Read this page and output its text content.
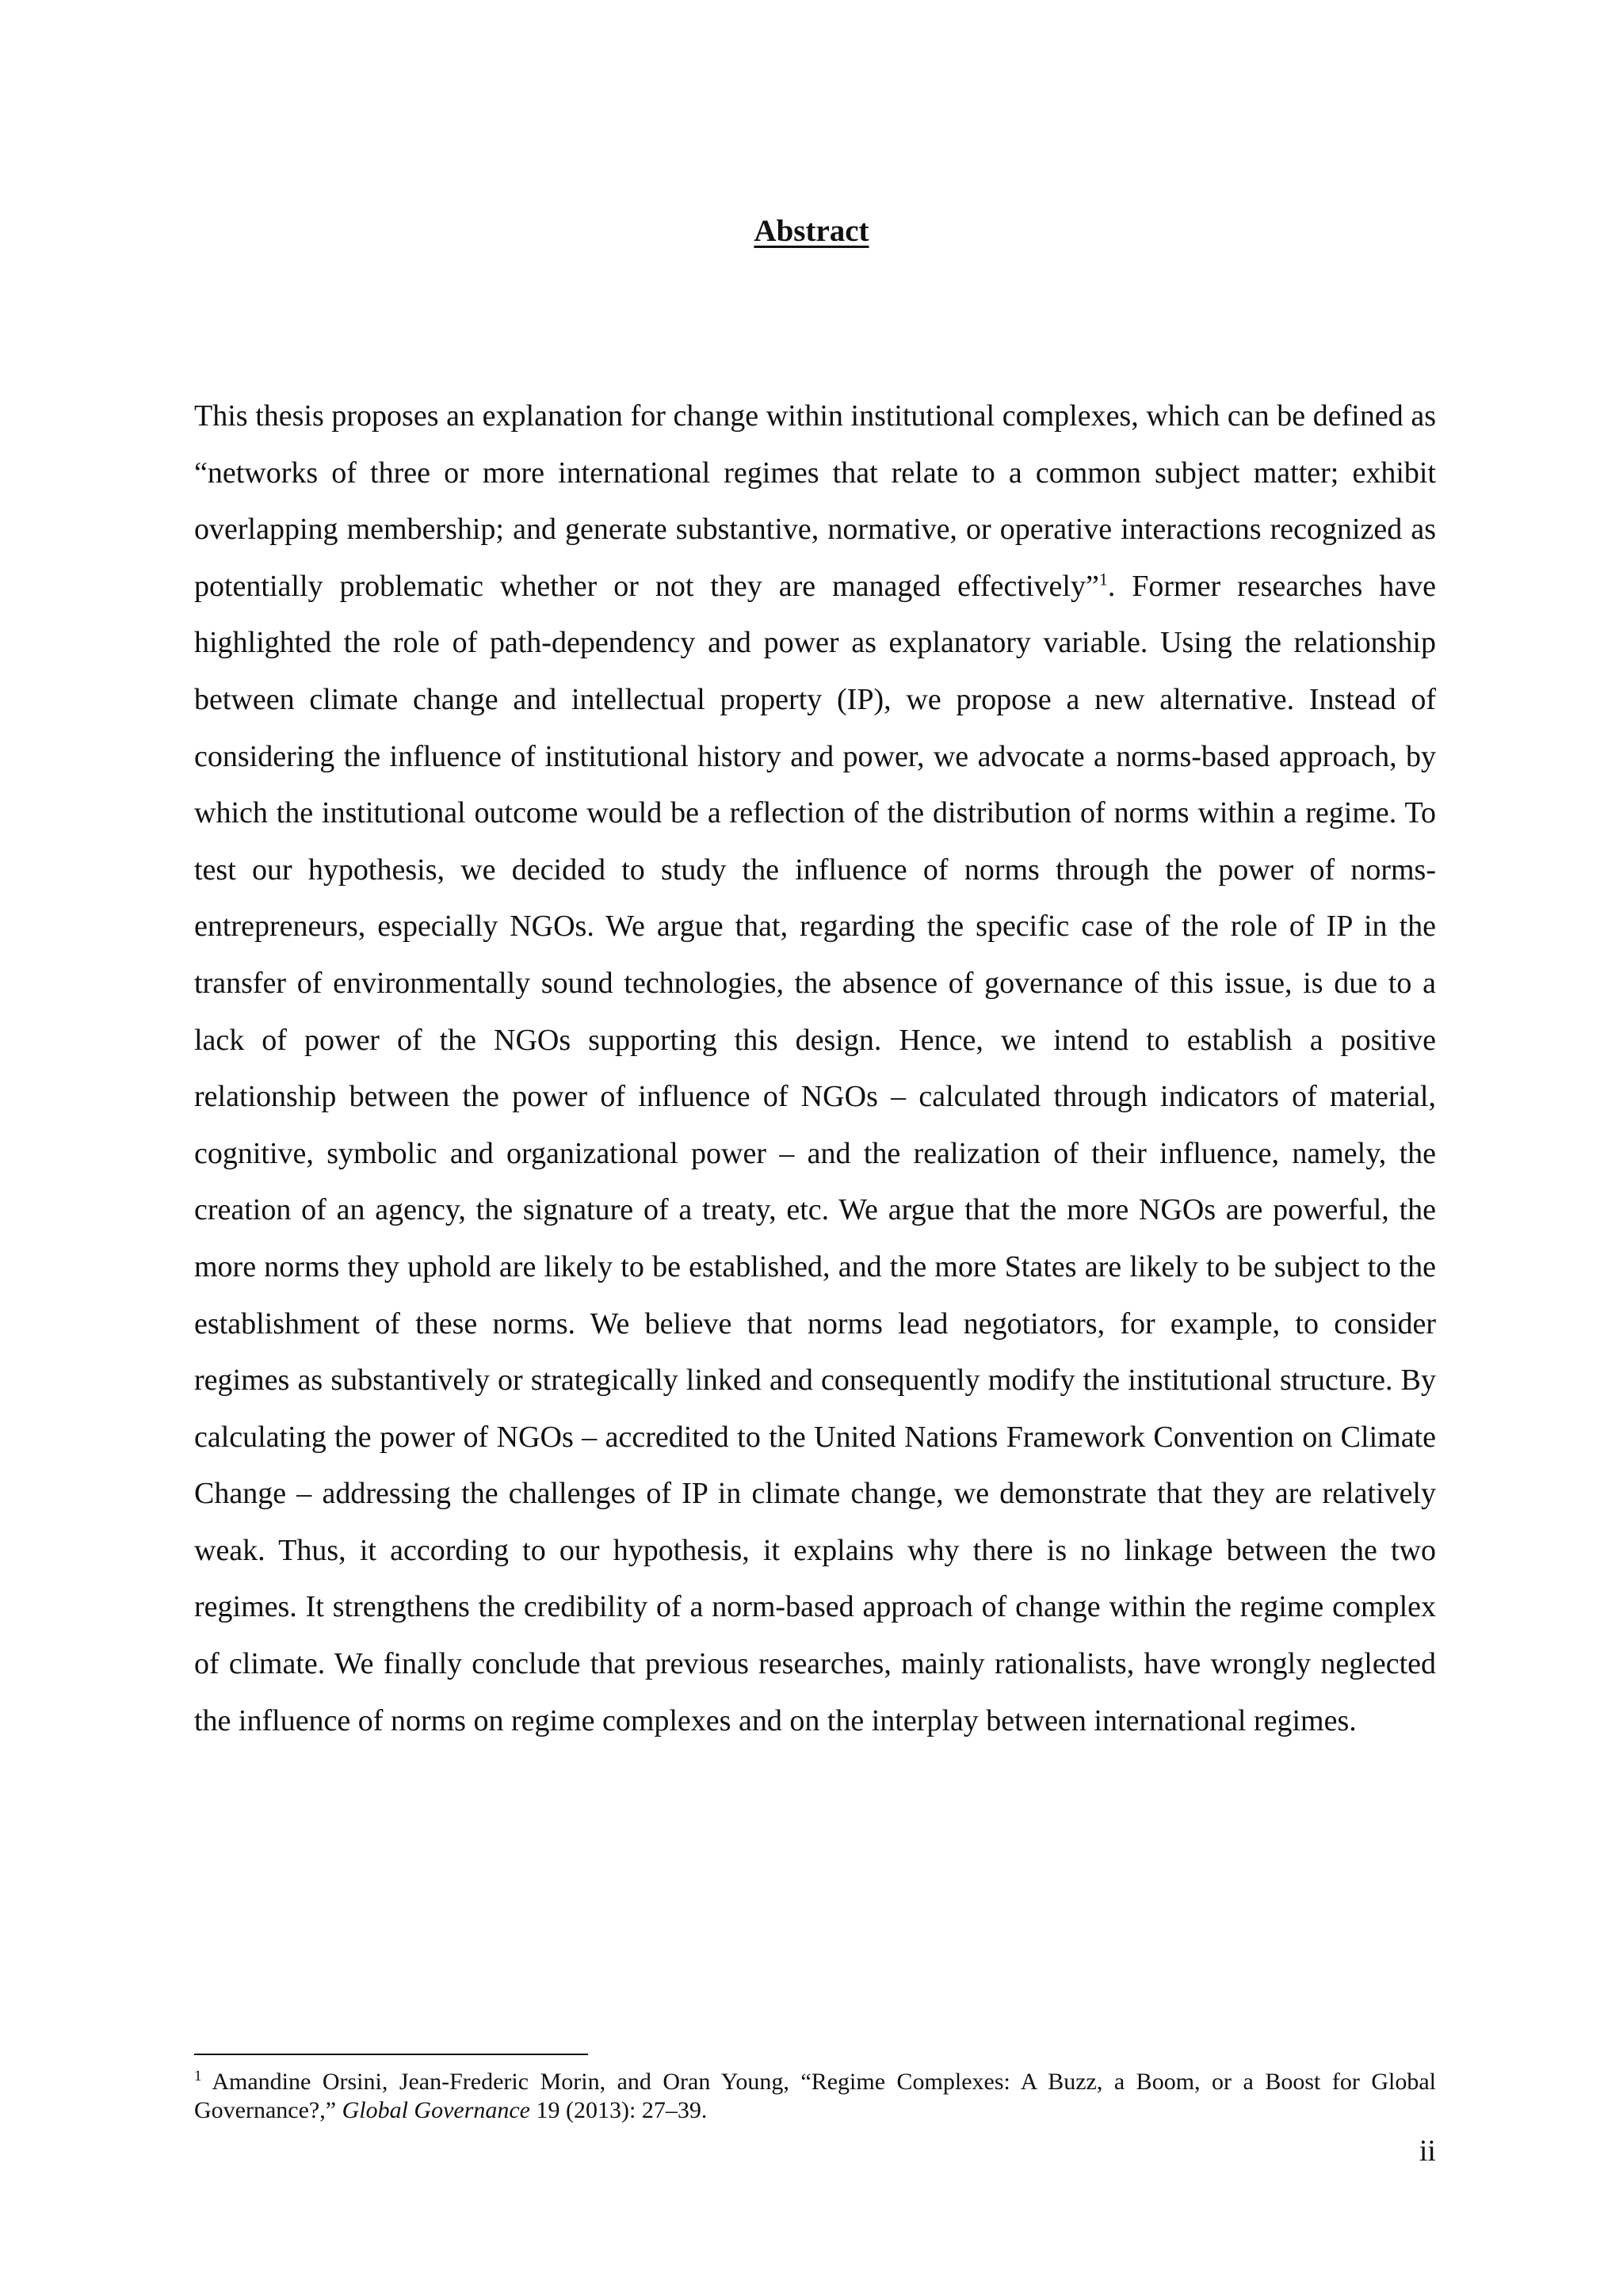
Abstract

This thesis proposes an explanation for change within institutional complexes, which can be defined as “networks of three or more international regimes that relate to a common subject matter; exhibit overlapping membership; and generate substantive, normative, or operative interactions recognized as potentially problematic whether or not they are managed effectively”$^1$. Former researches have highlighted the role of path-dependency and power as explanatory variable. Using the relationship between climate change and intellectual property (IP), we propose a new alternative. Instead of considering the influence of institutional history and power, we advocate a norms-based approach, by which the institutional outcome would be a reflection of the distribution of norms within a regime. To test our hypothesis, we decided to study the influence of norms through the power of norms-entrepreneurs, especially NGOs. We argue that, regarding the specific case of the role of IP in the transfer of environmentally sound technologies, the absence of governance of this issue, is due to a lack of power of the NGOs supporting this design. Hence, we intend to establish a positive relationship between the power of influence of NGOs – calculated through indicators of material, cognitive, symbolic and organizational power – and the realization of their influence, namely, the creation of an agency, the signature of a treaty, etc. We argue that the more NGOs are powerful, the more norms they uphold are likely to be established, and the more States are likely to be subject to the establishment of these norms. We believe that norms lead negotiators, for example, to consider regimes as substantively or strategically linked and consequently modify the institutional structure. By calculating the power of NGOs – accredited to the United Nations Framework Convention on Climate Change – addressing the challenges of IP in climate change, we demonstrate that they are relatively weak. Thus, it according to our hypothesis, it explains why there is no linkage between the two regimes. It strengthens the credibility of a norm-based approach of change within the regime complex of climate. We finally conclude that previous researches, mainly rationalists, have wrongly neglected the influence of norms on regime complexes and on the interplay between international regimes.

$^1$ Amandine Orsini, Jean-Frederic Morin, and Oran Young, “Regime Complexes: A Buzz, a Boom, or a Boost for Global Governance?,” Global Governance 19 (2013): 27–39.

ii
